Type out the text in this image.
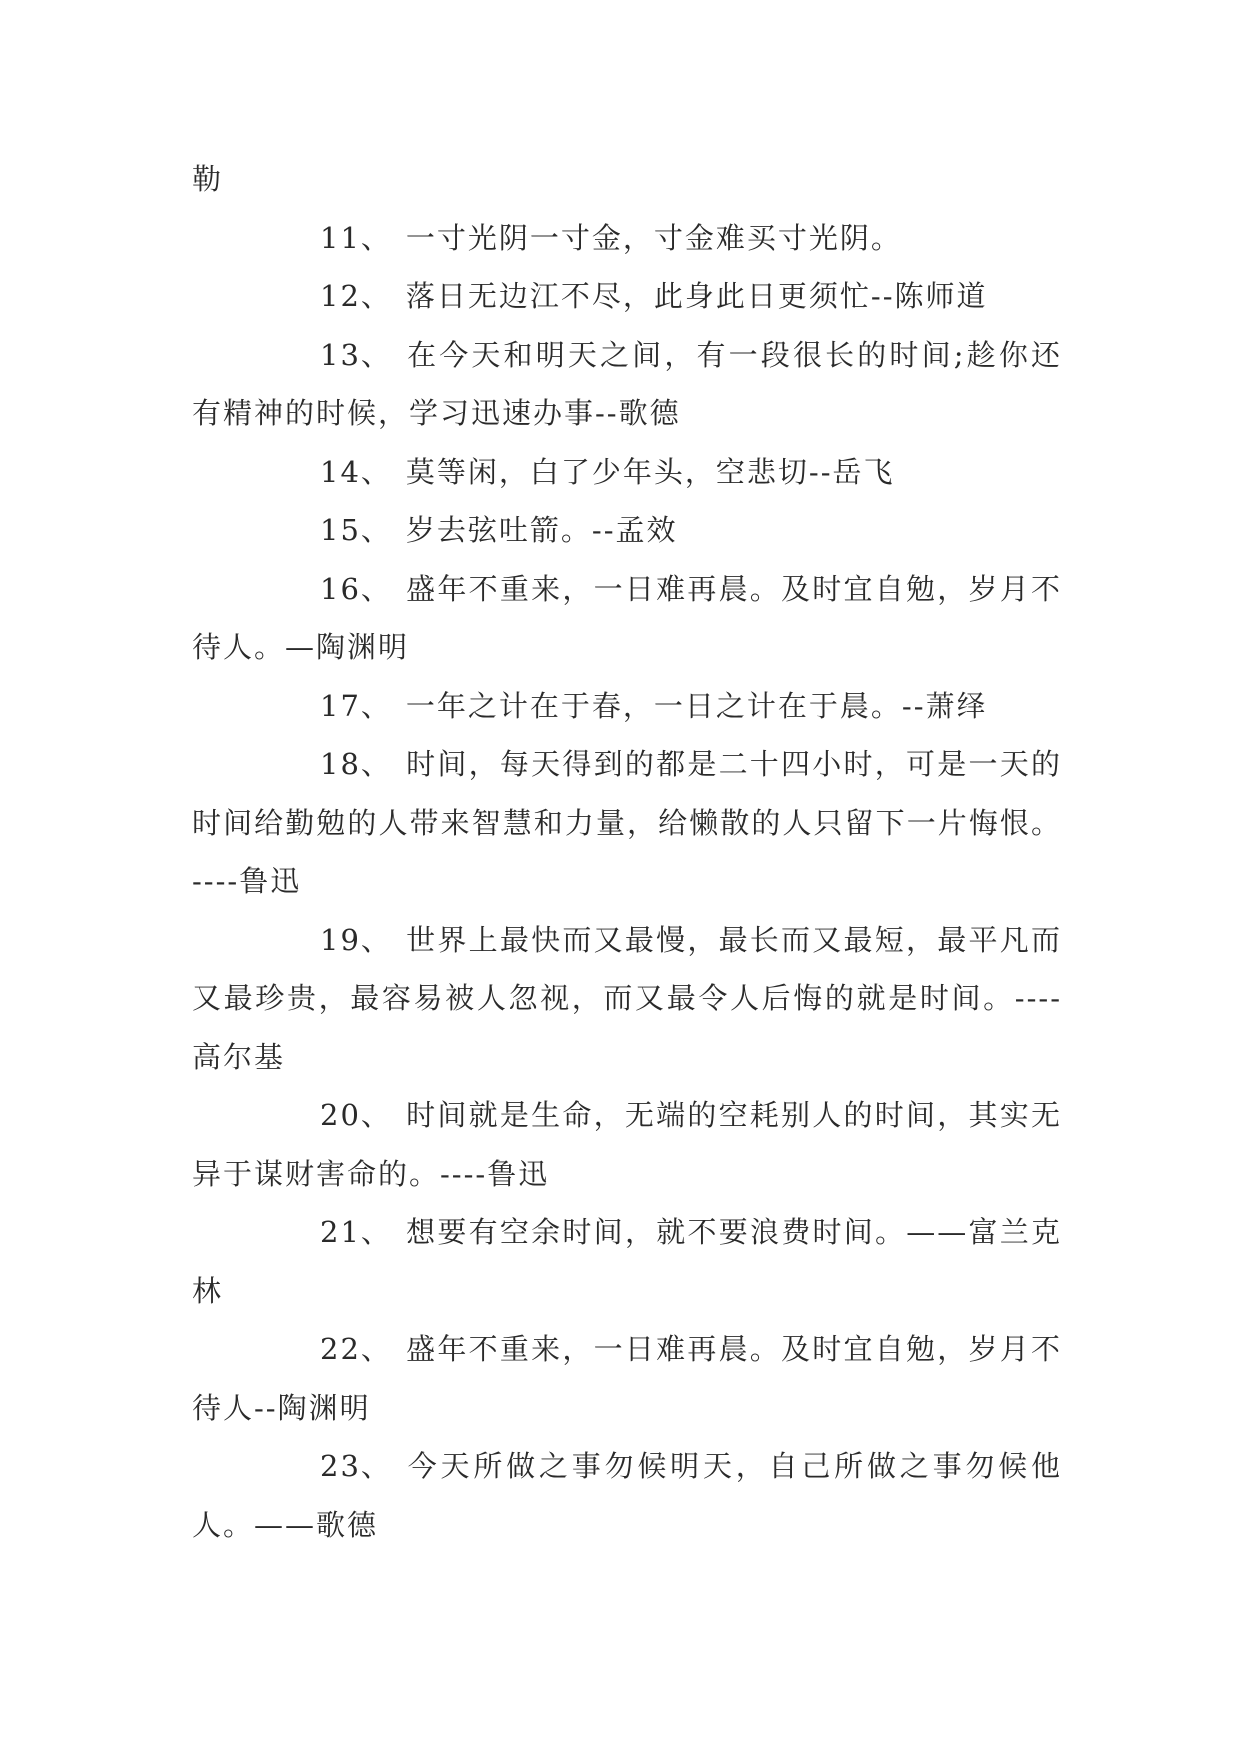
勒

11、 一寸光阴一寸金，寸金难买寸光阴。

12、 落日无边江不尽，此身此日更须忙--陈师道

13、 在今天和明天之间，有一段很长的时间;趁你还有精神的时候，学习迅速办事--歌德

14、 莫等闲，白了少年头，空悲切--岳飞

15、 岁去弦吐箭。--孟效

16、 盛年不重来，一日难再晨。及时宜自勉，岁月不待人。—陶渊明

17、 一年之计在于春，一日之计在于晨。--萧绎

18、 时间，每天得到的都是二十四小时，可是一天的时间给勤勉的人带来智慧和力量，给懒散的人只留下一片悔恨。----鲁迅

19、 世界上最快而又最慢，最长而又最短，最平凡而又最珍贵，最容易被人忽视，而又最令人后悔的就是时间。----高尔基

20、 时间就是生命，无端的空耗别人的时间，其实无异于谋财害命的。----鲁迅

21、 想要有空余时间，就不要浪费时间。——富兰克林

22、 盛年不重来，一日难再晨。及时宜自勉，岁月不待人--陶渊明

23、 今天所做之事勿候明天，自己所做之事勿候他人。——歌德
